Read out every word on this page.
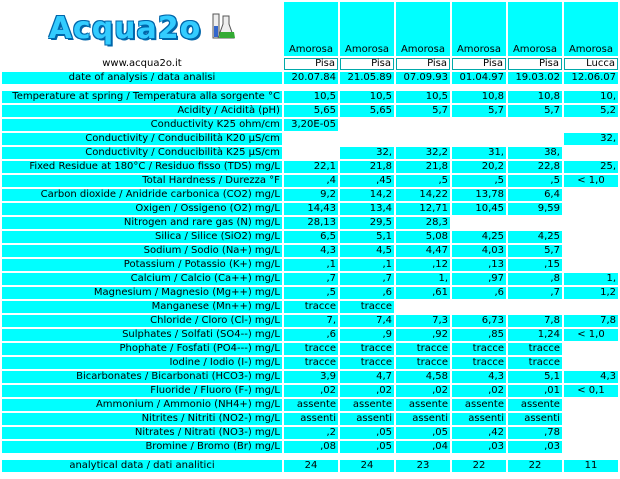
Acqua2o	Amorosa	Amorosa	Amorosa	Amorosa	Amorosa	Amorosa
www.acqua2o.it	Pisa	Pisa	Pisa	Pisa	Pisa	Lucca
date of analysis / data analisi	20.07.84	21.05.89	07.09.93	01.04.97	19.03.02	12.06.07

Temperature at spring / Temperatura alla sorgente °C	10,5	10,5	10,5	10,8	10,8	10,
Acidity / Acidità (pH)	5,65	5,65	5,7	5,7	5,7	5,2
Conductivity K25 ohm/cm	3,20E-05					
Conductivity / Conducibilità K20 µS/cm						32,
Conductivity / Conducibilità K25 µS/cm		32,	32,2	31,	38,	
Fixed Residue at 180°C / Residuo fisso (TDS) mg/L	22,1	21,8	21,8	20,2	22,8	25,
Total Hardness / Durezza °F	,4	,45	,5	,5	,5	< 1,0
Carbon dioxide / Anidride carbonica (CO2) mg/L	9,2	14,2	14,22	13,78	6,4	
Oxigen / Ossigeno (O2) mg/L	14,43	13,4	12,71	10,45	9,59	
Nitrogen and rare gas (N) mg/L	28,13	29,5	28,3			
Silica / Silice (SiO2) mg/L	6,5	5,1	5,08	4,25	4,25	
Sodium / Sodio (Na+) mg/L	4,3	4,5	4,47	4,03	5,7	
Potassium / Potassio (K+) mg/L	,1	,1	,12	,13	,15	
Calcium / Calcio (Ca++) mg/L	,7	,7	1,	,97	,8	1,
Magnesium / Magnesio (Mg++) mg/L	,5	,6	,61	,6	,7	1,2
Manganese (Mn++) mg/L	tracce	tracce				
Chloride / Cloro (Cl-) mg/L	7,	7,4	7,3	6,73	7,8	7,8
Sulphates / Solfati (SO4--) mg/L	,6	,9	,92	,85	1,24	< 1,0
Phophate / Fosfati (PO4---) mg/L	tracce	tracce	tracce	tracce	tracce	
Iodine / Iodio (I-) mg/L	tracce	tracce	tracce	tracce	tracce	
Bicarbonates / Bicarbonati (HCO3-) mg/L	3,9	4,7	4,58	4,3	5,1	4,3
Fluoride / Fluoro (F-) mg/L	,02	,02	,02	,02	,01	< 0,1
Ammonium / Ammonio (NH4+) mg/L	assente	assente	assente	assente	assente	
Nitrites / Nitriti (NO2-) mg/L	assenti	assenti	assenti	assenti	assenti	
Nitrates / Nitrati (NO3-) mg/L	,2	,05	,05	,42	,78	
Bromine / Bromo (Br) mg/L	,08	,05	,04	,03	,03	

analytical data / dati analitici	24	24	23	22	22	11
